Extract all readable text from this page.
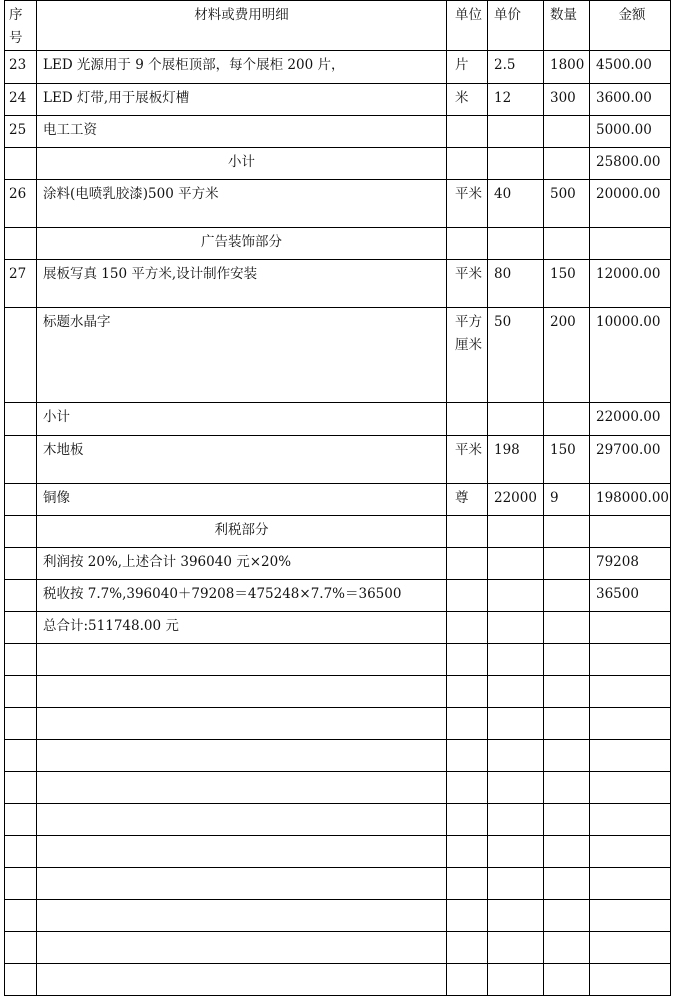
序号	材料或费用明细	单位	单价	数量	金额
23	LED 光源用于 9 个展柜顶部，每个展柜 200 片，	片	2.5	1800	4500.00
24	LED 灯带,用于展板灯槽	米	12	300	3600.00
25	电工工资				5000.00
	小计				25800.00
26	涂料(电喷乳胶漆)500 平方米	平米	40	500	20000.00
	广告装饰部分				
27	展板写真 150 平方米,设计制作安装	平米	80	150	12000.00
	标题水晶字	平方厘米	50	200	10000.00
	小计				22000.00
	木地板	平米	198	150	29700.00
	铜像	尊	22000	9	198000.00
	利税部分				
	利润按 20%,上述合计 396040 元×20%				79208
	税收按 7.7%,396040＋79208＝475248×7.7%＝36500				36500
	总合计:511748.00 元				
